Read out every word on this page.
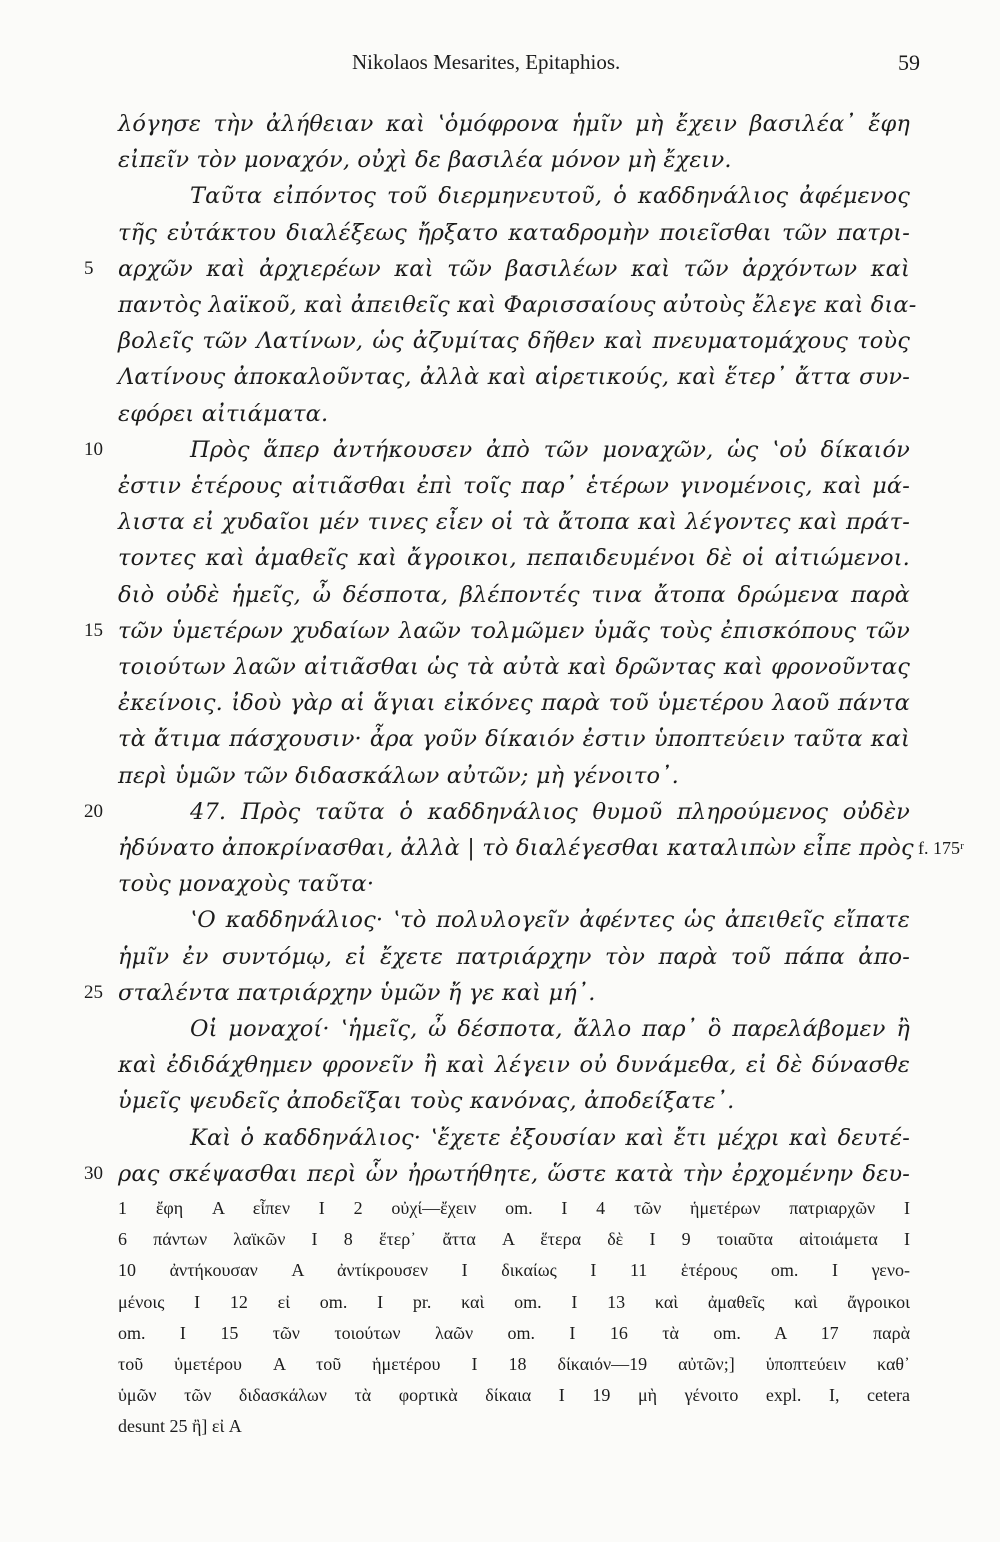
Nikolaos Mesarites, Epitaphios.	59
λόγησε τὴν ἀλήθειαν καὶ ʽὁμόφρονα ἡμῖν μὴ ἔχειν βασιλέα᾽ ἔφη
εἰπεῖν τὸν μοναχόν, οὐχὶ δε βασιλέα μόνον μὴ ἔχειν.
Ταῦτα εἰπόντος τοῦ διερμηνευτοῦ, ὁ καδδηνάλιος ἀφέμενος
τῆς εὐτάκτου διαλέξεως ἤρξατο καταδρομὴν ποιεῖσθαι τῶν πατρι-
5	αρχῶν καὶ ἀρχιερέων καὶ τῶν βασιλέων καὶ τῶν ἀρχόντων καὶ
παντὸς λαϊκοῦ, καὶ ἀπειθεῖς καὶ Φαρισσαίους αὐτοὺς ἔλεγε καὶ δια-
βολεῖς τῶν Λατίνων, ὡς ἀζυμίτας δῆθεν καὶ πνευματομάχους τοὺς
Λατίνους ἀποκαλοῦντας, ἀλλὰ καὶ αἱρετικούς, καὶ ἕτερ᾽ ἄττα συν-
εφόρει αἰτιάματα.
10	Πρὸς ἅπερ ἀντήκουσεν ἀπὸ τῶν μοναχῶν, ὡς ʽοὐ δίκαιόν
ἐστιν ἑτέρους αἰτιᾶσθαι ἐπὶ τοῖς παρ᾽ ἑτέρων γινομένοις, καὶ μά-
λιστα εἰ χυδαῖοι μέν τινες εἶεν οἱ τὰ ἄτοπα καὶ λέγοντες καὶ πράτ-
τοντες καὶ ἀμαθεῖς καὶ ἄγροικοι, πεπαιδευμένοι δὲ οἱ αἰτιώμενοι.
διὸ οὐδὲ ἡμεῖς, ὦ δέσποτα, βλέποντές τινα ἄτοπα δρώμενα παρὰ
15 τῶν ὑμετέρων χυδαίων λαῶν τολμῶμεν ὑμᾶς τοὺς ἐπισκόπους τῶν
τοιούτων λαῶν αἰτιᾶσθαι ὡς τὰ αὐτὰ καὶ δρῶντας καὶ φρονοῦντας
ἐκείνοις. ἰδοὺ γὰρ αἱ ἅγιαι εἰκόνες παρὰ τοῦ ὑμετέρου λαοῦ πάντα
τὰ ἄτιμα πάσχουσιν· ἆρα γοῦν δίκαιόν ἐστιν ὑποπτεύειν ταῦτα καὶ
περὶ ὑμῶν τῶν διδασκάλων αὐτῶν; μὴ γένοιτο᾽.
20	47. Πρὸς ταῦτα ὁ καδδηνάλιος θυμοῦ πληρούμενος οὐδὲν
ἠδύνατο ἀποκρίνασθαι, ἀλλὰ | τὸ διαλέγεσθαι καταλιπὼν εἶπε πρὸς f. 175ʳ
τοὺς μοναχοὺς ταῦτα·
ʽΟ καδδηνάλιος· ʽτὸ πολυλογεῖν ἀφέντες ὡς ἀπειθεῖς εἴπατε
ἡμῖν ἐν συντόμῳ, εἰ ἔχετε πατριάρχην τὸν παρὰ τοῦ πάπα ἀπο-
25 σταλέντα πατριάρχην ὑμῶν ἤ γε καὶ μή᾽.
Οἱ μοναχοί· ʽἡμεῖς, ὦ δέσποτα, ἄλλο παρ᾽ ὃ παρελάβομεν ἢ
καὶ ἐδιδάχθημεν φρονεῖν ἢ καὶ λέγειν οὐ δυνάμεθα, εἰ δὲ δύνασθε
ὑμεῖς ψευδεῖς ἀποδεῖξαι τοὺς κανόνας, ἀποδείξατε᾽.
Καὶ ὁ καδδηνάλιος· ʽἔχετε ἐξουσίαν καὶ ἔτι μέχρι καὶ δευτέ-
30 ρας σκέψασθαι περὶ ὧν ἠρωτήθητε, ὥστε κατὰ τὴν ἐρχομένην δευ-
1 ἔφη A εἶπεν I 2 οὐχί—ἔχειν om. I 4 τῶν ἡμετέρων πατριαρχῶν I
6 πάντων λαϊκῶν I 8 ἕτερ᾽ ἄττα A ἕτερα δὲ I 9 τοιαῦτα αἰτοιάμετα I
10 ἀντήκουσαν A ἀντίκρουσεν I δικαίως I 11 ἑτέρους om. I γενο-
μένοις I 12 εἰ om. I pr. καὶ om. I 13 καὶ ἀμαθεῖς καὶ ἄγροικοι
om. I 15 τῶν τοιούτων λαῶν om. I 16 τὰ om. A 17 παρὰ
τοῦ ὑμετέρου A τοῦ ἡμετέρου I 18 δίκαιόν—19 αὐτῶν;] ὑποπτεύειν καθ᾽
ὑμῶν τῶν διδασκάλων τὰ φορτικὰ δίκαια I 19 μὴ γένοιτο expl. I, cetera
desunt 25 ἢ] εἰ A
